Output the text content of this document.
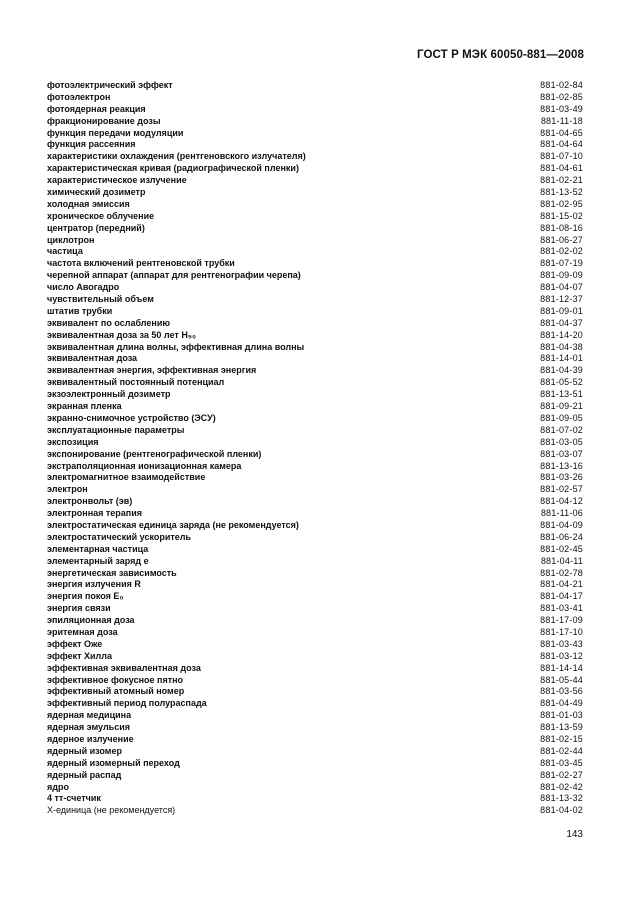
ГОСТ Р МЭК 60050-881—2008
фотоэлектрический эффект	881-02-84
фотоэлектрон	881-02-85
фотоядерная реакция	881-03-49
фракционирование дозы	881-11-18
функция передачи модуляции	881-04-65
функция рассеяния	881-04-64
характеристики охлаждения (рентгеновского излучателя)	881-07-10
характеристическая кривая (радиографической пленки)	881-04-61
характеристическое излучение	881-02-21
химический дозиметр	881-13-52
холодная эмиссия	881-02-95
хроническое облучение	881-15-02
центратор (передний)	881-08-16
циклотрон	881-06-27
частица	881-02-02
частота включений рентгеновской трубки	881-07-19
черепной аппарат (аппарат для рентгенографии черепа)	881-09-09
число Авогадро	881-04-07
чувствительный объем	881-12-37
штатив трубки	881-09-01
эквивалент по ослаблению	881-04-37
эквивалентная доза за 50 лет H₅₀	881-14-20
эквивалентная длина волны, эффективная длина волны	881-04-38
эквивалентная доза	881-14-01
эквивалентная энергия, эффективная энергия	881-04-39
эквивалентный постоянный потенциал	881-05-52
экзоэлектронный дозиметр	881-13-51
экранная пленка	881-09-21
экранно-снимочное устройство (ЭСУ)	881-09-05
эксплуатационные параметры	881-07-02
экспозиция	881-03-05
экспонирование (рентгенографической пленки)	881-03-07
экстраполяционная ионизационная камера	881-13-16
электромагнитное взаимодействие	881-03-26
электрон	881-02-57
электронвольт (эв)	881-04-12
электронная терапия	881-11-06
электростатическая единица заряда (не рекомендуется)	881-04-09
электростатический ускоритель	881-06-24
элементарная частица	881-02-45
элементарный заряд e	881-04-11
энергетическая зависимость	881-02-78
энергия излучения R	881-04-21
энергия покоя E₀	881-04-17
энергия связи	881-03-41
эпиляционная доза	881-17-09
эритемная доза	881-17-10
эффект Оже	881-03-43
эффект Хилла	881-03-12
эффективная эквивалентная доза	881-14-14
эффективное фокусное пятно	881-05-44
эффективный атомный номер	881-03-56
эффективный период полураспада	881-04-49
ядерная медицина	881-01-03
ядерная эмульсия	881-13-59
ядерное излучение	881-02-15
ядерный изомер	881-02-44
ядерный изомерный переход	881-03-45
ядерный распад	881-02-27
ядро	881-02-42
4 тт-счетчик	881-13-32
Х-единица (не рекомендуется)	881-04-02
143
